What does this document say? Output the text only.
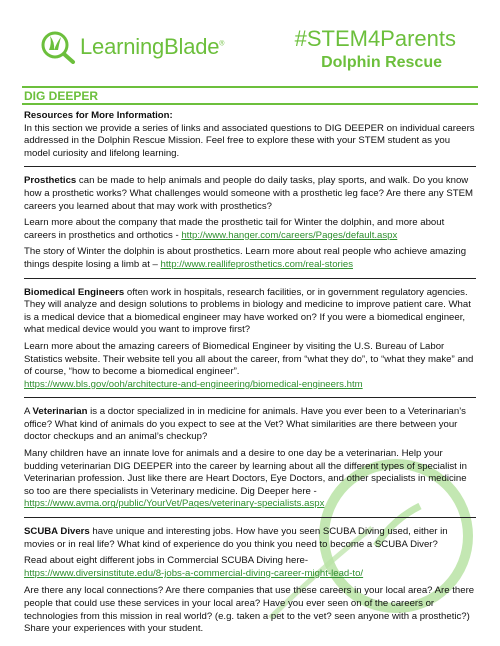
LearningBlade®	#STEM4Parents
Dolphin Rescue
DIG DEEPER

Resources for More Information:

In this section we provide a series of links and associated questions to DIG DEEPER on individual careers addressed in the Dolphin Rescue Mission. Feel free to explore these with your STEM student as you model curiosity and lifelong learning.

Prosthetics can be made to help animals and people do daily tasks, play sports, and walk. Do you know how a prosthetic works? What challenges would someone with a prosthetic leg face? Are there any STEM careers you learned about that may work with prosthetics?

Learn more about the company that made the prosthetic tail for Winter the dolphin, and more about careers in prosthetics and orthotics - http://www.hanger.com/careers/Pages/default.aspx

The story of Winter the dolphin is about prosthetics. Learn more about real people who achieve amazing things despite losing a limb at – http://www.reallifeprosthetics.com/real-stories

Biomedical Engineers often work in hospitals, research facilities, or in government regulatory agencies. They will analyze and design solutions to problems in biology and medicine to improve patient care. What is a medical device that a biomedical engineer may have worked on? If you were a biomedical engineer, what medical device would you want to improve first?

Learn more about the amazing careers of Biomedical Engineer by visiting the U.S. Bureau of Labor Statistics website. Their website tell you all about the career, from “what they do”, to “what they make” and of course, “how to become a biomedical engineer”.

https://www.bls.gov/ooh/architecture-and-engineering/biomedical-engineers.htm

A Veterinarian is a doctor specialized in in medicine for animals. Have you ever been to a Veterinarian’s office? What kind of animals do you expect to see at the Vet? What similarities are there between your doctor checkups and an animal’s checkup?

Many children have an innate love for animals and a desire to one day be a veterinarian. Help your budding veterinarian DIG DEEPER into the career by learning about all the different types of specialist in Veterinarian profession. Just like there are Heart Doctors, Eye Doctors, and other specialists in medicine so too are there specialists in Veterinary medicine. Dig Deeper here - https://www.avma.org/public/YourVet/Pages/veterinary-specialists.aspx

SCUBA Divers have unique and interesting jobs. How have you seen SCUBA Diving used, either in movies or in real life? What kind of experience do you think you need to become a SCUBA Diver?

Read about eight different jobs in Commercial SCUBA Diving here-

https://www.diversinstitute.edu/8-jobs-a-commercial-diving-career-might-lead-to/

Are there any local connections? Are there companies that use these careers in your local area? Are there people that could use these services in your local area? Have you ever seen on of the careers or technologies from this mission in real world? (e.g. taken a pet to the vet? seen anyone with a prosthetic?) Share your experiences with your student.
